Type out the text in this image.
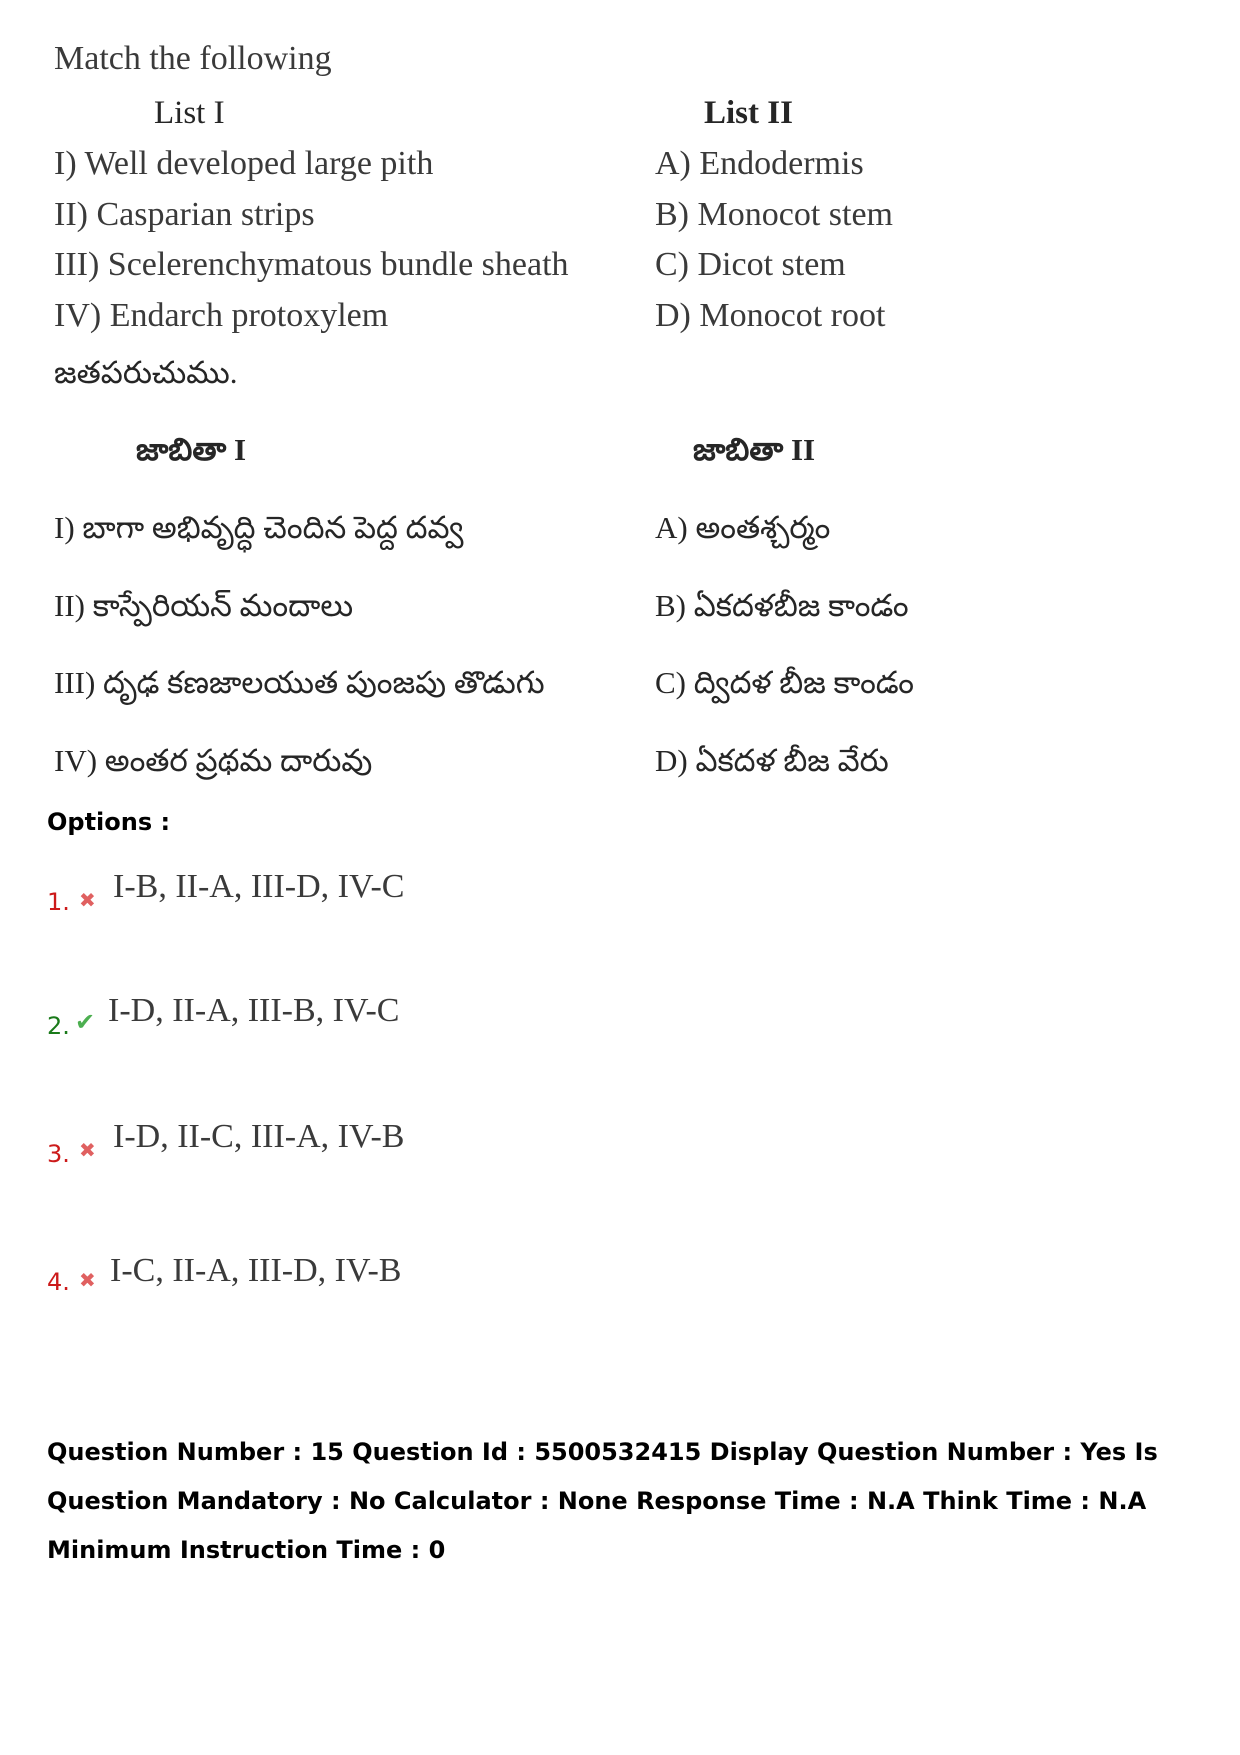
Match the following
List I	List II
I) Well developed large pith
II) Casparian strips
III) Scelerenchymatous bundle sheath
IV) Endarch protoxylem
A) Endodermis
B) Monocot stem
C) Dicot stem
D) Monocot root
జతపరుచుము.
జాబితా I	జాబితా II
I) బాగా అభివృద్ధి చెందిన పెద్ద దవ్వ
II) కాస్పేరియన్ మందాలు
III) దృఢ కణజాలయుత పుంజపు తొడుగు
IV) అంతర ప్రథమ దారువు
A) అంతశ్చర్మం
B) ఏకదళబీజ కాండం
C) ద్విదళ బీజ కాండం
D) ఏకదళ బీజ వేరు
Options :
1. ✖ I-B, II-A, III-D, IV-C
2. ✔ I-D, II-A, III-B, IV-C
3. ✖ I-D, II-C, III-A, IV-B
4. ✖ I-C, II-A, III-D, IV-B
Question Number : 15 Question Id : 5500532415 Display Question Number : Yes Is Question Mandatory : No Calculator : None Response Time : N.A Think Time : N.A Minimum Instruction Time : 0
